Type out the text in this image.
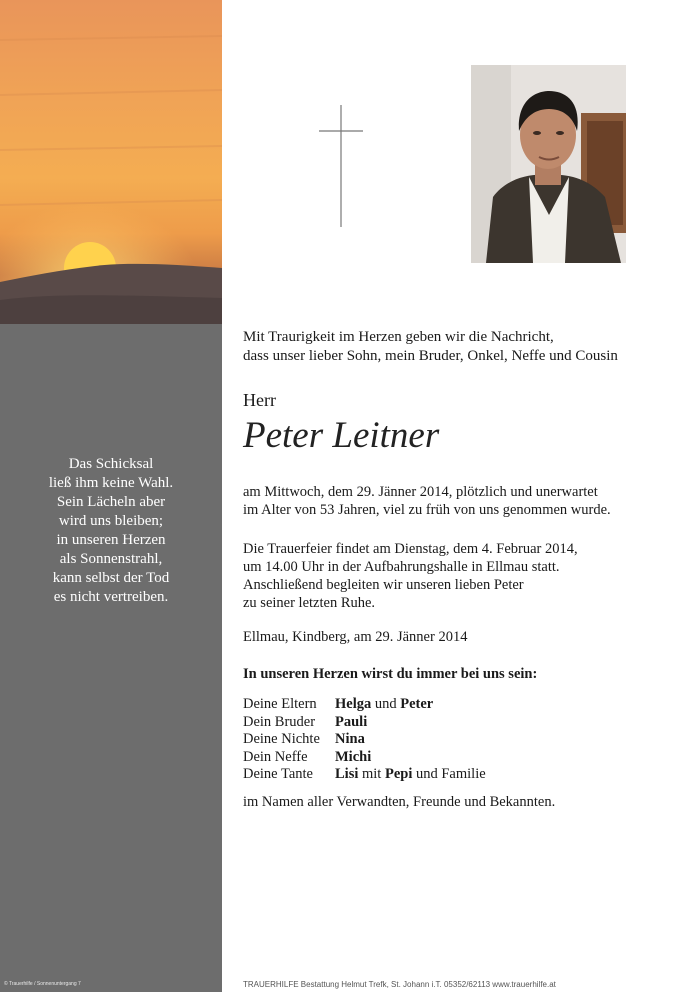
Das Schicksal
ließ ihm keine Wahl.
Sein Lächeln aber
wird uns bleiben;
in unseren Herzen
als Sonnenstrahl,
kann selbst der Tod
es nicht vertreiben.
© Trauerhilfe / Sonnenuntergang 7
Mit Traurigkeit im Herzen geben wir die Nachricht,
dass unser lieber Sohn, mein Bruder, Onkel, Neffe und Cousin
Herr
Peter Leitner
am Mittwoch, dem 29. Jänner 2014, plötzlich und unerwartet
im Alter von 53 Jahren, viel zu früh von uns genommen wurde.
Die Trauerfeier findet am Dienstag, dem 4. Februar 2014,
um 14.00 Uhr in der Aufbahrungshalle in Ellmau statt.
Anschließend begleiten wir unseren lieben Peter
zu seiner letzten Ruhe.
Ellmau, Kindberg, am 29. Jänner 2014
In unseren Herzen wirst du immer bei uns sein:
Deine Eltern	Helga und Peter
Dein Bruder	Pauli
Deine Nichte	Nina
Dein Neffe	Michi
Deine Tante	Lisi mit Pepi und Familie
im Namen aller Verwandten, Freunde und Bekannten.
TRAUERHILFE Bestattung Helmut Trefk, St. Johann i.T. 05352/62113 www.trauerhilfe.at
